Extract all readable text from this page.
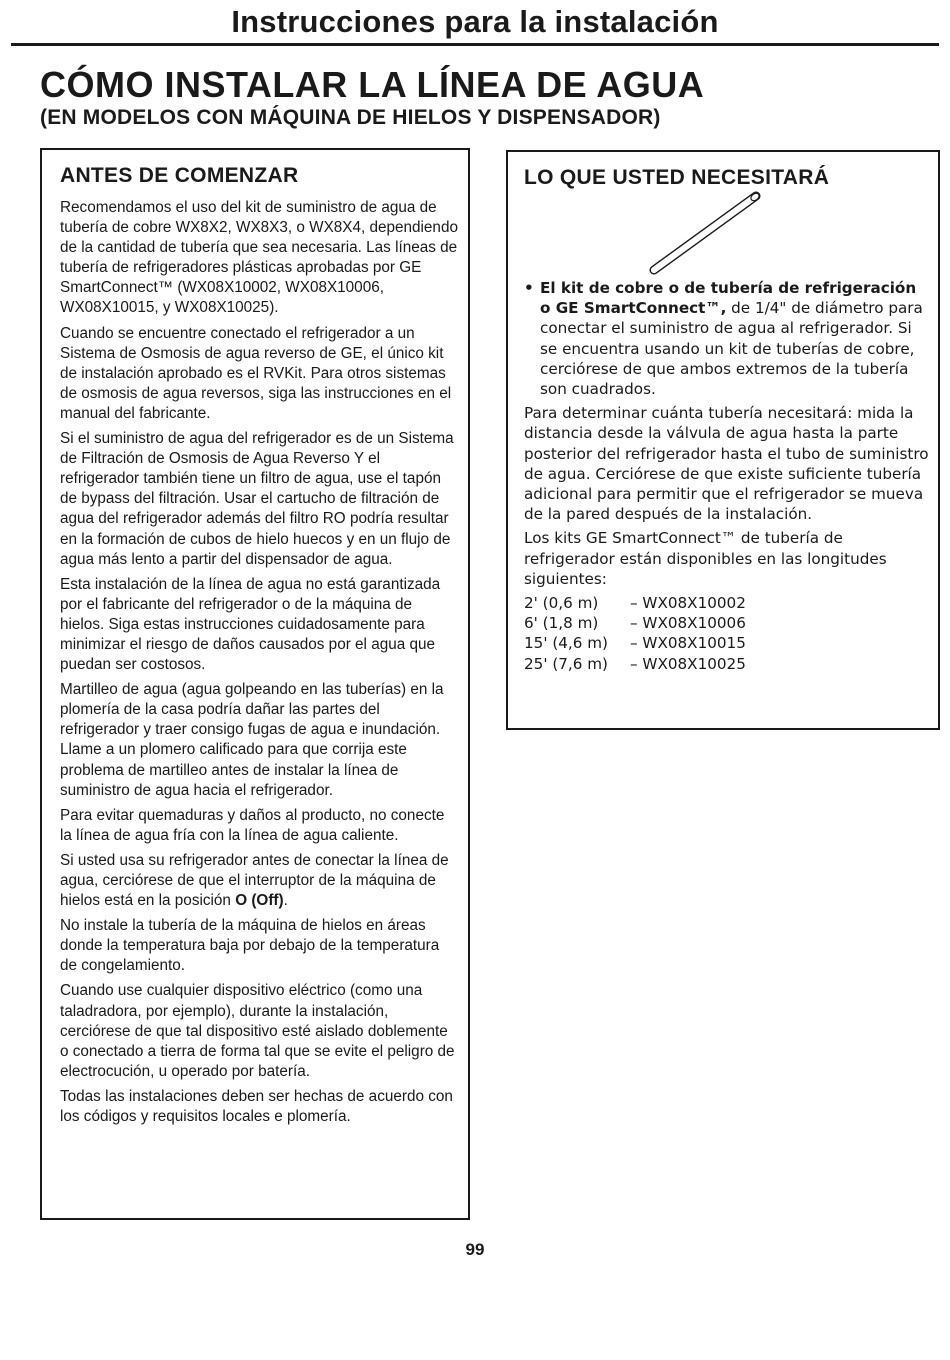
Instrucciones para la instalación
CÓMO INSTALAR LA LÍNEA DE AGUA
(EN MODELOS CON MÁQUINA DE HIELOS Y DISPENSADOR)
ANTES DE COMENZAR

Recomendamos el uso del kit de suministro de agua de tubería de cobre WX8X2, WX8X3, o WX8X4, dependiendo de la cantidad de tubería que sea necesaria. Las líneas de tubería de refrigeradores plásticas aprobadas por GE SmartConnect™ (WX08X10002, WX08X10006, WX08X10015, y WX08X10025).

Cuando se encuentre conectado el refrigerador a un Sistema de Osmosis de agua reverso de GE, el único kit de instalación aprobado es el RVKit. Para otros sistemas de osmosis de agua reversos, siga las instrucciones en el manual del fabricante.

Si el suministro de agua del refrigerador es de un Sistema de Filtración de Osmosis de Agua Reverso Y el refrigerador también tiene un filtro de agua, use el tapón de bypass del filtración. Usar el cartucho de filtración de agua del refrigerador además del filtro RO podría resultar en la formación de cubos de hielo huecos y en un flujo de agua más lento a partir del dispensador de agua.

Esta instalación de la línea de agua no está garantizada por el fabricante del refrigerador o de la máquina de hielos. Siga estas instrucciones cuidadosamente para minimizar el riesgo de daños causados por el agua que puedan ser costosos.

Martilleo de agua (agua golpeando en las tuberías) en la plomería de la casa podría dañar las partes del refrigerador y traer consigo fugas de agua e inundación. Llame a un plomero calificado para que corrija este problema de martilleo antes de instalar la línea de suministro de agua hacia el refrigerador.

Para evitar quemaduras y daños al producto, no conecte la línea de agua fría con la línea de agua caliente.

Si usted usa su refrigerador antes de conectar la línea de agua, cerciórese de que el interruptor de la máquina de hielos está en la posición O (Off).

No instale la tubería de la máquina de hielos en áreas donde la temperatura baja por debajo de la temperatura de congelamiento.

Cuando use cualquier dispositivo eléctrico (como una taladradora, por ejemplo), durante la instalación, cerciórese de que tal dispositivo esté aislado doblemente o conectado a tierra de forma tal que se evite el peligro de electrocución, u operado por batería.

Todas las instalaciones deben ser hechas de acuerdo con los códigos y requisitos locales e plomería.

LO QUE USTED NECESITARÁ
• El kit de cobre o de tubería de refrigeración o GE SmartConnect™, de 1/4" de diámetro para conectar el suministro de agua al refrigerador. Si se encuentra usando un kit de tuberías de cobre, cerciórese de que ambos extremos de la tubería son cuadrados.

Para determinar cuánta tubería necesitará: mida la distancia desde la válvula de agua hasta la parte posterior del refrigerador hasta el tubo de suministro de agua. Cerciórese de que existe suficiente tubería adicional para permitir que el refrigerador se mueva de la pared después de la instalación.

Los kits GE SmartConnect™ de tubería de refrigerador están disponibles en las longitudes siguientes:

2' (0,6 m)	– WX08X10002
6' (1,8 m)	– WX08X10006
15' (4,6 m)	– WX08X10015
25' (7,6 m)	– WX08X10025
99
